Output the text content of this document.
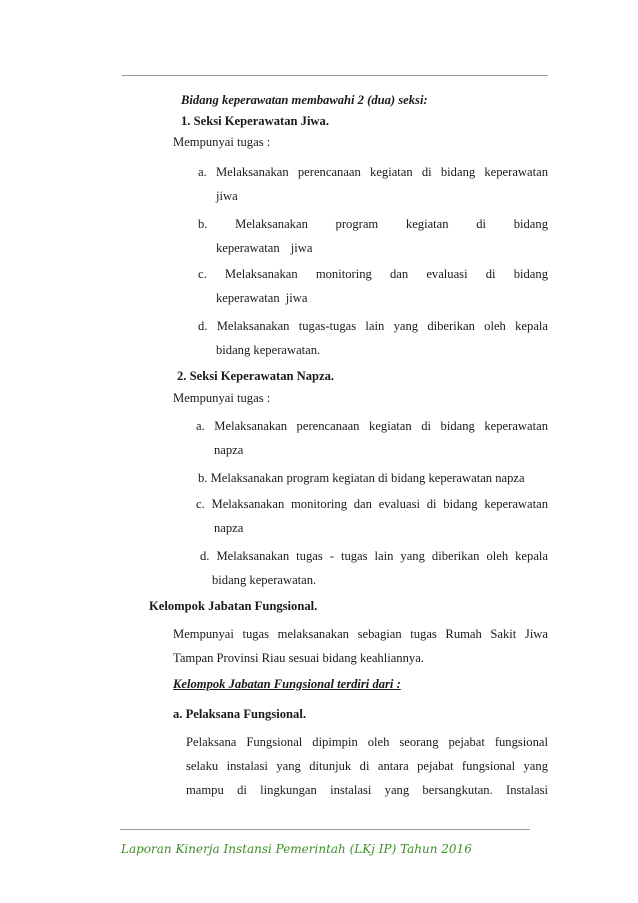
Bidang keperawatan membawahi 2 (dua) seksi:
1. Seksi Keperawatan Jiwa.
Mempunyai tugas :
a. Melaksanakan perencanaan kegiatan di bidang keperawatan
jiwa
b. Melaksanakan program kegiatan di bidang
keperawatan jiwa
c. Melaksanakan monitoring dan evaluasi di bidang
keperawatan jiwa
d. Melaksanakan tugas-tugas lain yang diberikan oleh kepala
bidang keperawatan.
2. Seksi Keperawatan Napza.
Mempunyai tugas :
a. Melaksanakan perencanaan kegiatan di bidang keperawatan
napza
b. Melaksanakan program kegiatan di bidang keperawatan napza
c. Melaksanakan monitoring dan evaluasi di bidang keperawatan
napza
d. Melaksanakan tugas - tugas lain yang diberikan oleh kepala
bidang keperawatan.
Kelompok Jabatan Fungsional.
Mempunyai tugas melaksanakan sebagian tugas Rumah Sakit Jiwa
Tampan Provinsi Riau sesuai bidang keahliannya.
Kelompok Jabatan Fungsional terdiri dari :
a. Pelaksana Fungsional.
Pelaksana Fungsional dipimpin oleh seorang pejabat fungsional
selaku instalasi yang ditunjuk di antara pejabat fungsional yang
mampu di lingkungan instalasi yang bersangkutan. Instalasi
Laporan Kinerja Instansi Pemerintah (LKj IP) Tahun 2016
